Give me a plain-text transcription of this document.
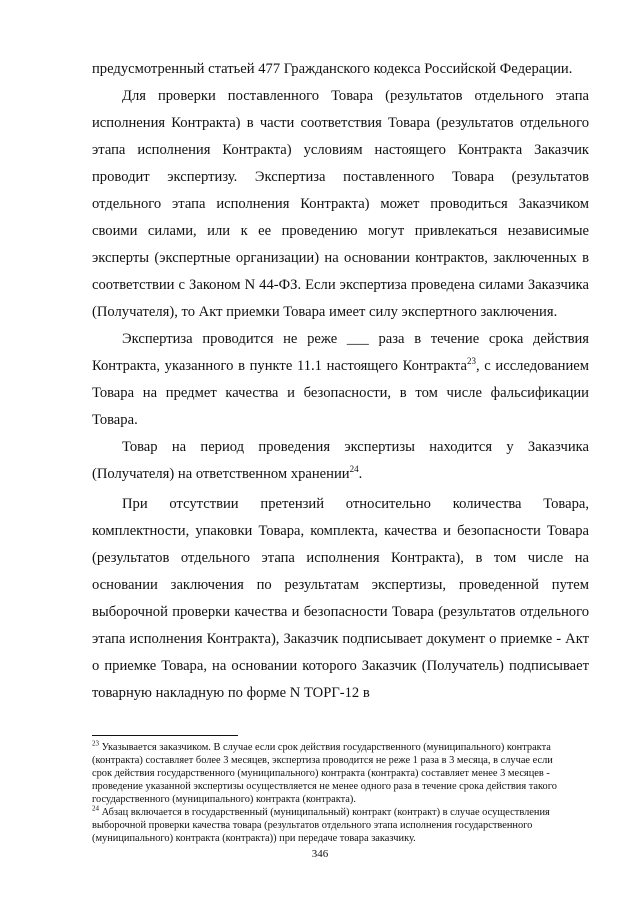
предусмотренный статьей 477 Гражданского кодекса Российской Федерации.

Для проверки поставленного Товара (результатов отдельного этапа исполнения Контракта) в части соответствия Товара (результатов отдельного этапа исполнения Контракта) условиям настоящего Контракта Заказчик проводит экспертизу. Экспертиза поставленного Товара (результатов отдельного этапа исполнения Контракта) может проводиться Заказчиком своими силами, или к ее проведению могут привлекаться независимые эксперты (экспертные организации) на основании контрактов, заключенных в соответствии с Законом N 44-ФЗ. Если экспертиза проведена силами Заказчика (Получателя), то Акт приемки Товара имеет силу экспертного заключения.

Экспертиза проводится не реже ___ раза в течение срока действия Контракта, указанного в пункте 11.1 настоящего Контракта$^{23}$, с исследованием Товара на предмет качества и безопасности, в том числе фальсификации Товара.

Товар на период проведения экспертизы находится у Заказчика (Получателя) на ответственном хранении$^{24}$.

При отсутствии претензий относительно количества Товара, комплектности, упаковки Товара, комплекта, качества и безопасности Товара (результатов отдельного этапа исполнения Контракта), в том числе на основании заключения по результатам экспертизы, проведенной путем выборочной проверки качества и безопасности Товара (результатов отдельного этапа исполнения Контракта), Заказчик подписывает документ о приемке - Акт о приемке Товара, на основании которого Заказчик (Получатель) подписывает товарную накладную по форме N ТОРГ-12 в

$^{23}$ Указывается заказчиком. В случае если срок действия государственного (муниципального) контракта (контракта) составляет более 3 месяцев, экспертиза проводится не реже 1 раза в 3 месяца, в случае если срок действия государственного (муниципального) контракта (контракта) составляет менее 3 месяцев - проведение указанной экспертизы осуществляется не менее одного раза в течение срока действия такого государственного (муниципального) контракта (контракта).

$^{24}$ Абзац включается в государственный (муниципальный) контракт (контракт) в случае осуществления выборочной проверки качества товара (результатов отдельного этапа исполнения государственного (муниципального) контракта (контракта)) при передаче товара заказчику.

346
